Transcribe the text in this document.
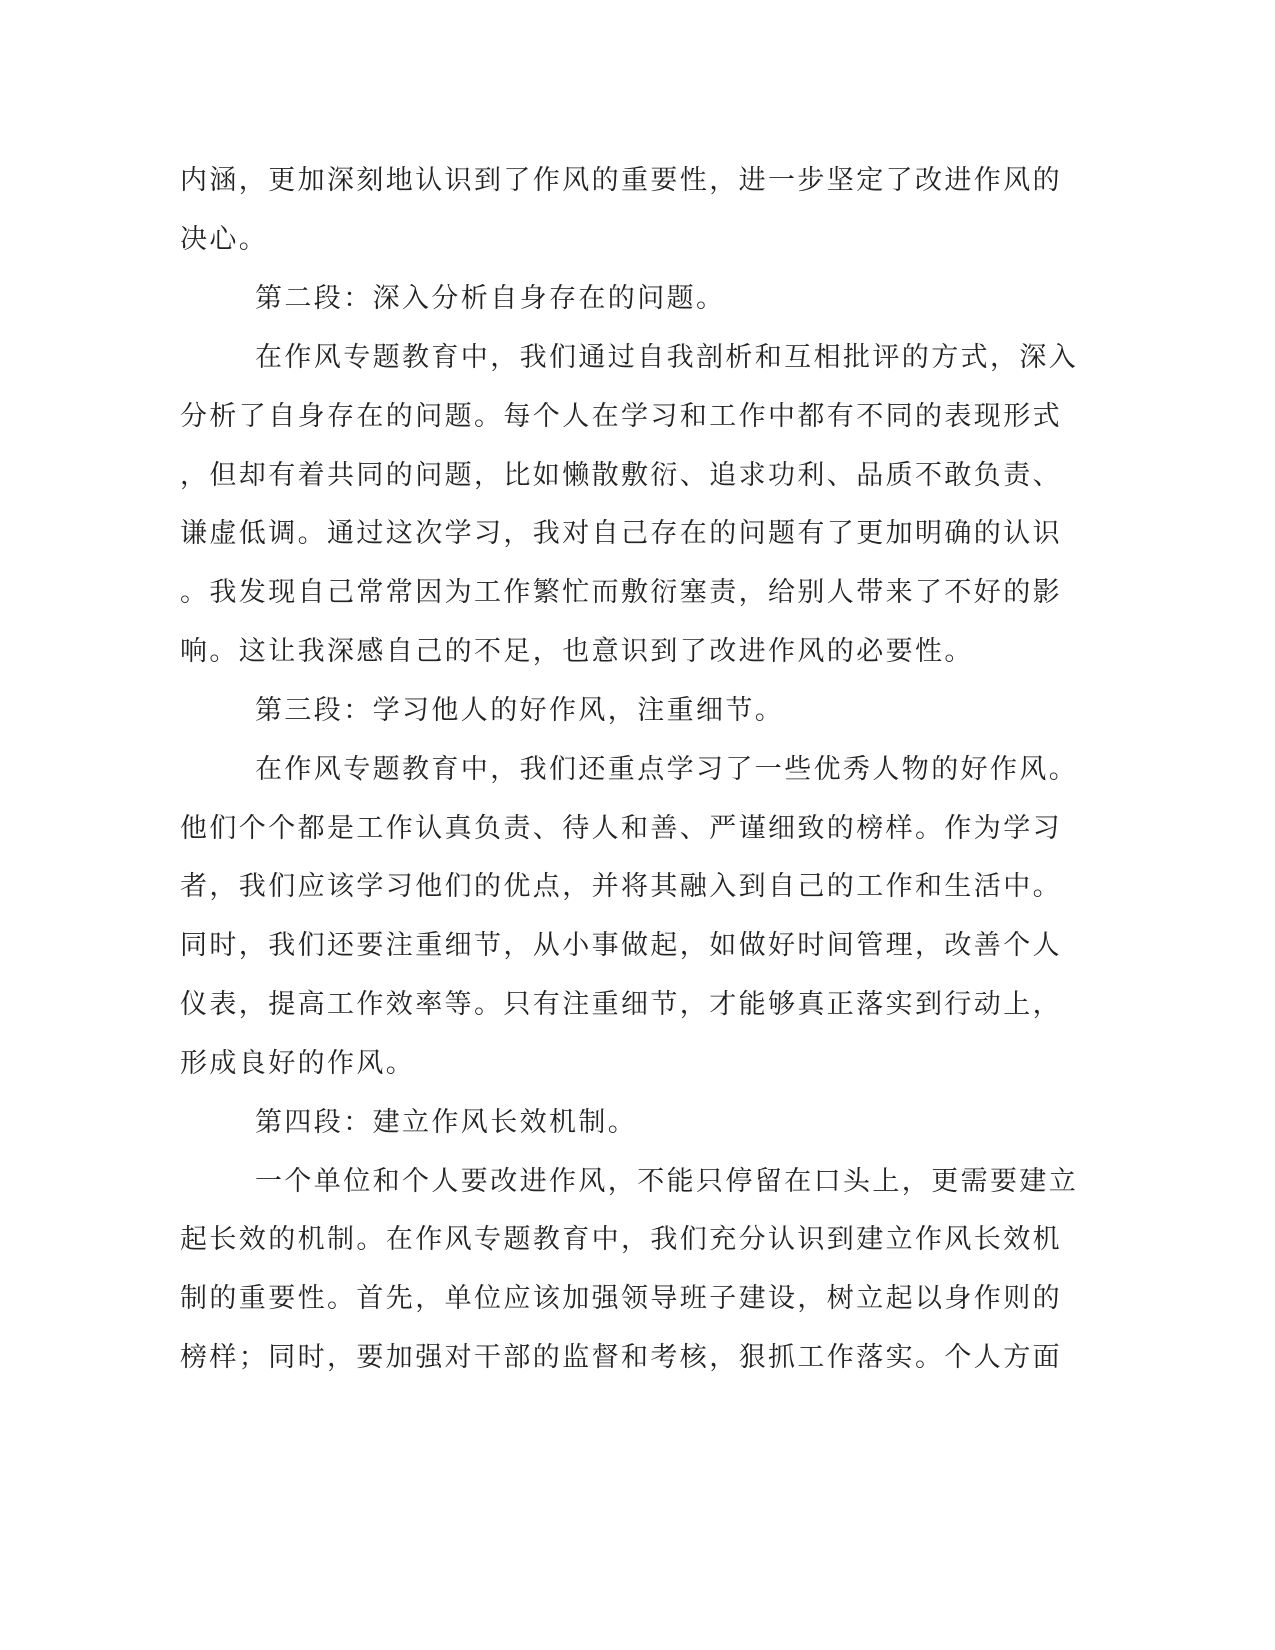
内涵，更加深刻地认识到了作风的重要性，进一步坚定了改进作风的
决心。
第二段：深入分析自身存在的问题。
在作风专题教育中，我们通过自我剖析和互相批评的方式，深入
分析了自身存在的问题。每个人在学习和工作中都有不同的表现形式
，但却有着共同的问题，比如懒散敷衍、追求功利、品质不敢负责、
谦虚低调。通过这次学习，我对自己存在的问题有了更加明确的认识
。我发现自己常常因为工作繁忙而敷衍塞责，给别人带来了不好的影
响。这让我深感自己的不足，也意识到了改进作风的必要性。
第三段：学习他人的好作风，注重细节。
在作风专题教育中，我们还重点学习了一些优秀人物的好作风。
他们个个都是工作认真负责、待人和善、严谨细致的榜样。作为学习
者，我们应该学习他们的优点，并将其融入到自己的工作和生活中。
同时，我们还要注重细节，从小事做起，如做好时间管理，改善个人
仪表，提高工作效率等。只有注重细节，才能够真正落实到行动上，
形成良好的作风。
第四段：建立作风长效机制。
一个单位和个人要改进作风，不能只停留在口头上，更需要建立
起长效的机制。在作风专题教育中，我们充分认识到建立作风长效机
制的重要性。首先，单位应该加强领导班子建设，树立起以身作则的
榜样；同时，要加强对干部的监督和考核，狠抓工作落实。个人方面
